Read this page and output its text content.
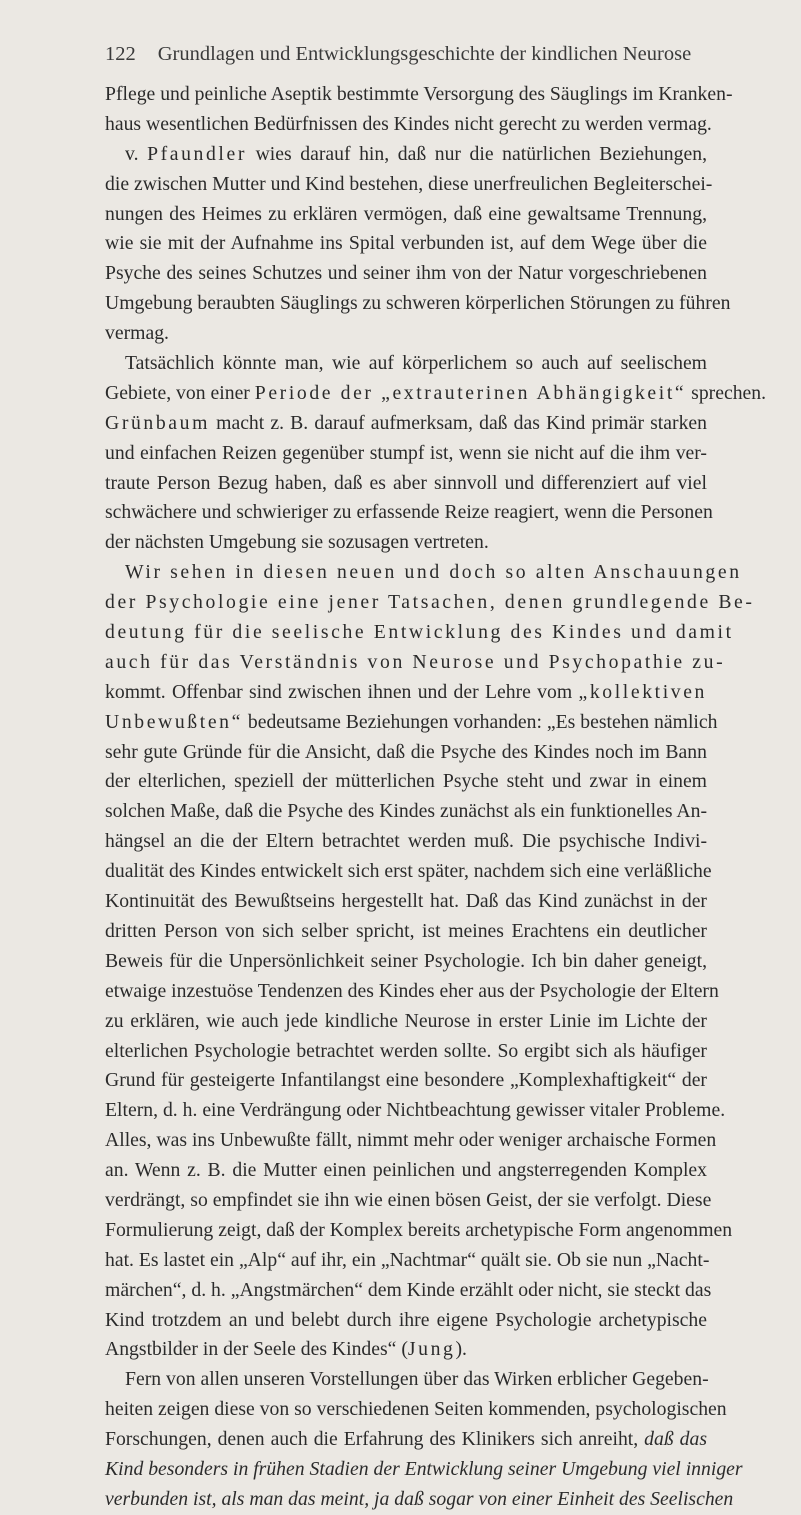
122 Grundlagen und Entwicklungsgeschichte der kindlichen Neurose
Pflege und peinliche Aseptik bestimmte Versorgung des Säuglings im Kranken-
haus wesentlichen Bedürfnissen des Kindes nicht gerecht zu werden vermag.
v. Pfaundler wies darauf hin, daß nur die natürlichen Beziehungen,
die zwischen Mutter und Kind bestehen, diese unerfreulichen Begleiterschei-
nungen des Heimes zu erklären vermögen, daß eine gewaltsame Trennung,
wie sie mit der Aufnahme ins Spital verbunden ist, auf dem Wege über die
Psyche des seines Schutzes und seiner ihm von der Natur vorgeschriebenen
Umgebung beraubten Säuglings zu schweren körperlichen Störungen zu führen
vermag.
Tatsächlich könnte man, wie auf körperlichem so auch auf seelischem
Gebiete, von einer Periode der „extrauterinen Abhängigkeit“ sprechen.
Grünbaum macht z. B. darauf aufmerksam, daß das Kind primär starken
und einfachen Reizen gegenüber stumpf ist, wenn sie nicht auf die ihm ver-
traute Person Bezug haben, daß es aber sinnvoll und differenziert auf viel
schwächere und schwieriger zu erfassende Reize reagiert, wenn die Personen
der nächsten Umgebung sie sozusagen vertreten.
Wir sehen in diesen neuen und doch so alten Anschauungen
der Psychologie eine jener Tatsachen, denen grundlegende Be-
deutung für die seelische Entwicklung des Kindes und damit
auch für das Verständnis von Neurose und Psychopathie zu-
kommt. Offenbar sind zwischen ihnen und der Lehre vom „kollektiven
Unbewußten“ bedeutsame Beziehungen vorhanden: „Es bestehen nämlich
sehr gute Gründe für die Ansicht, daß die Psyche des Kindes noch im Bann
der elterlichen, speziell der mütterlichen Psyche steht und zwar in einem
solchen Maße, daß die Psyche des Kindes zunächst als ein funktionelles An-
hängsel an die der Eltern betrachtet werden muß. Die psychische Indivi-
dualität des Kindes entwickelt sich erst später, nachdem sich eine verläßliche
Kontinuität des Bewußtseins hergestellt hat. Daß das Kind zunächst in der
dritten Person von sich selber spricht, ist meines Erachtens ein deutlicher
Beweis für die Unpersönlichkeit seiner Psychologie. Ich bin daher geneigt,
etwaige inzestuöse Tendenzen des Kindes eher aus der Psychologie der Eltern
zu erklären, wie auch jede kindliche Neurose in erster Linie im Lichte der
elterlichen Psychologie betrachtet werden sollte. So ergibt sich als häufiger
Grund für gesteigerte Infantilangst eine besondere „Komplexhaftigkeit“ der
Eltern, d. h. eine Verdrängung oder Nichtbeachtung gewisser vitaler Probleme.
Alles, was ins Unbewußte fällt, nimmt mehr oder weniger archaische Formen
an. Wenn z. B. die Mutter einen peinlichen und angsterregenden Komplex
verdrängt, so empfindet sie ihn wie einen bösen Geist, der sie verfolgt. Diese
Formulierung zeigt, daß der Komplex bereits archetypische Form angenommen
hat. Es lastet ein „Alp“ auf ihr, ein „Nachtmar“ quält sie. Ob sie nun „Nacht-
märchen“, d. h. „Angstmärchen“ dem Kinde erzählt oder nicht, sie steckt das
Kind trotzdem an und belebt durch ihre eigene Psychologie archetypische
Angstbilder in der Seele des Kindes“ (Jung).
Fern von allen unseren Vorstellungen über das Wirken erblicher Gegeben-
heiten zeigen diese von so verschiedenen Seiten kommenden, psychologischen
Forschungen, denen auch die Erfahrung des Klinikers sich anreiht, daß das
Kind besonders in frühen Stadien der Entwicklung seiner Umgebung viel inniger
verbunden ist, als man das meint, ja daß sogar von einer Einheit des Seelischen
